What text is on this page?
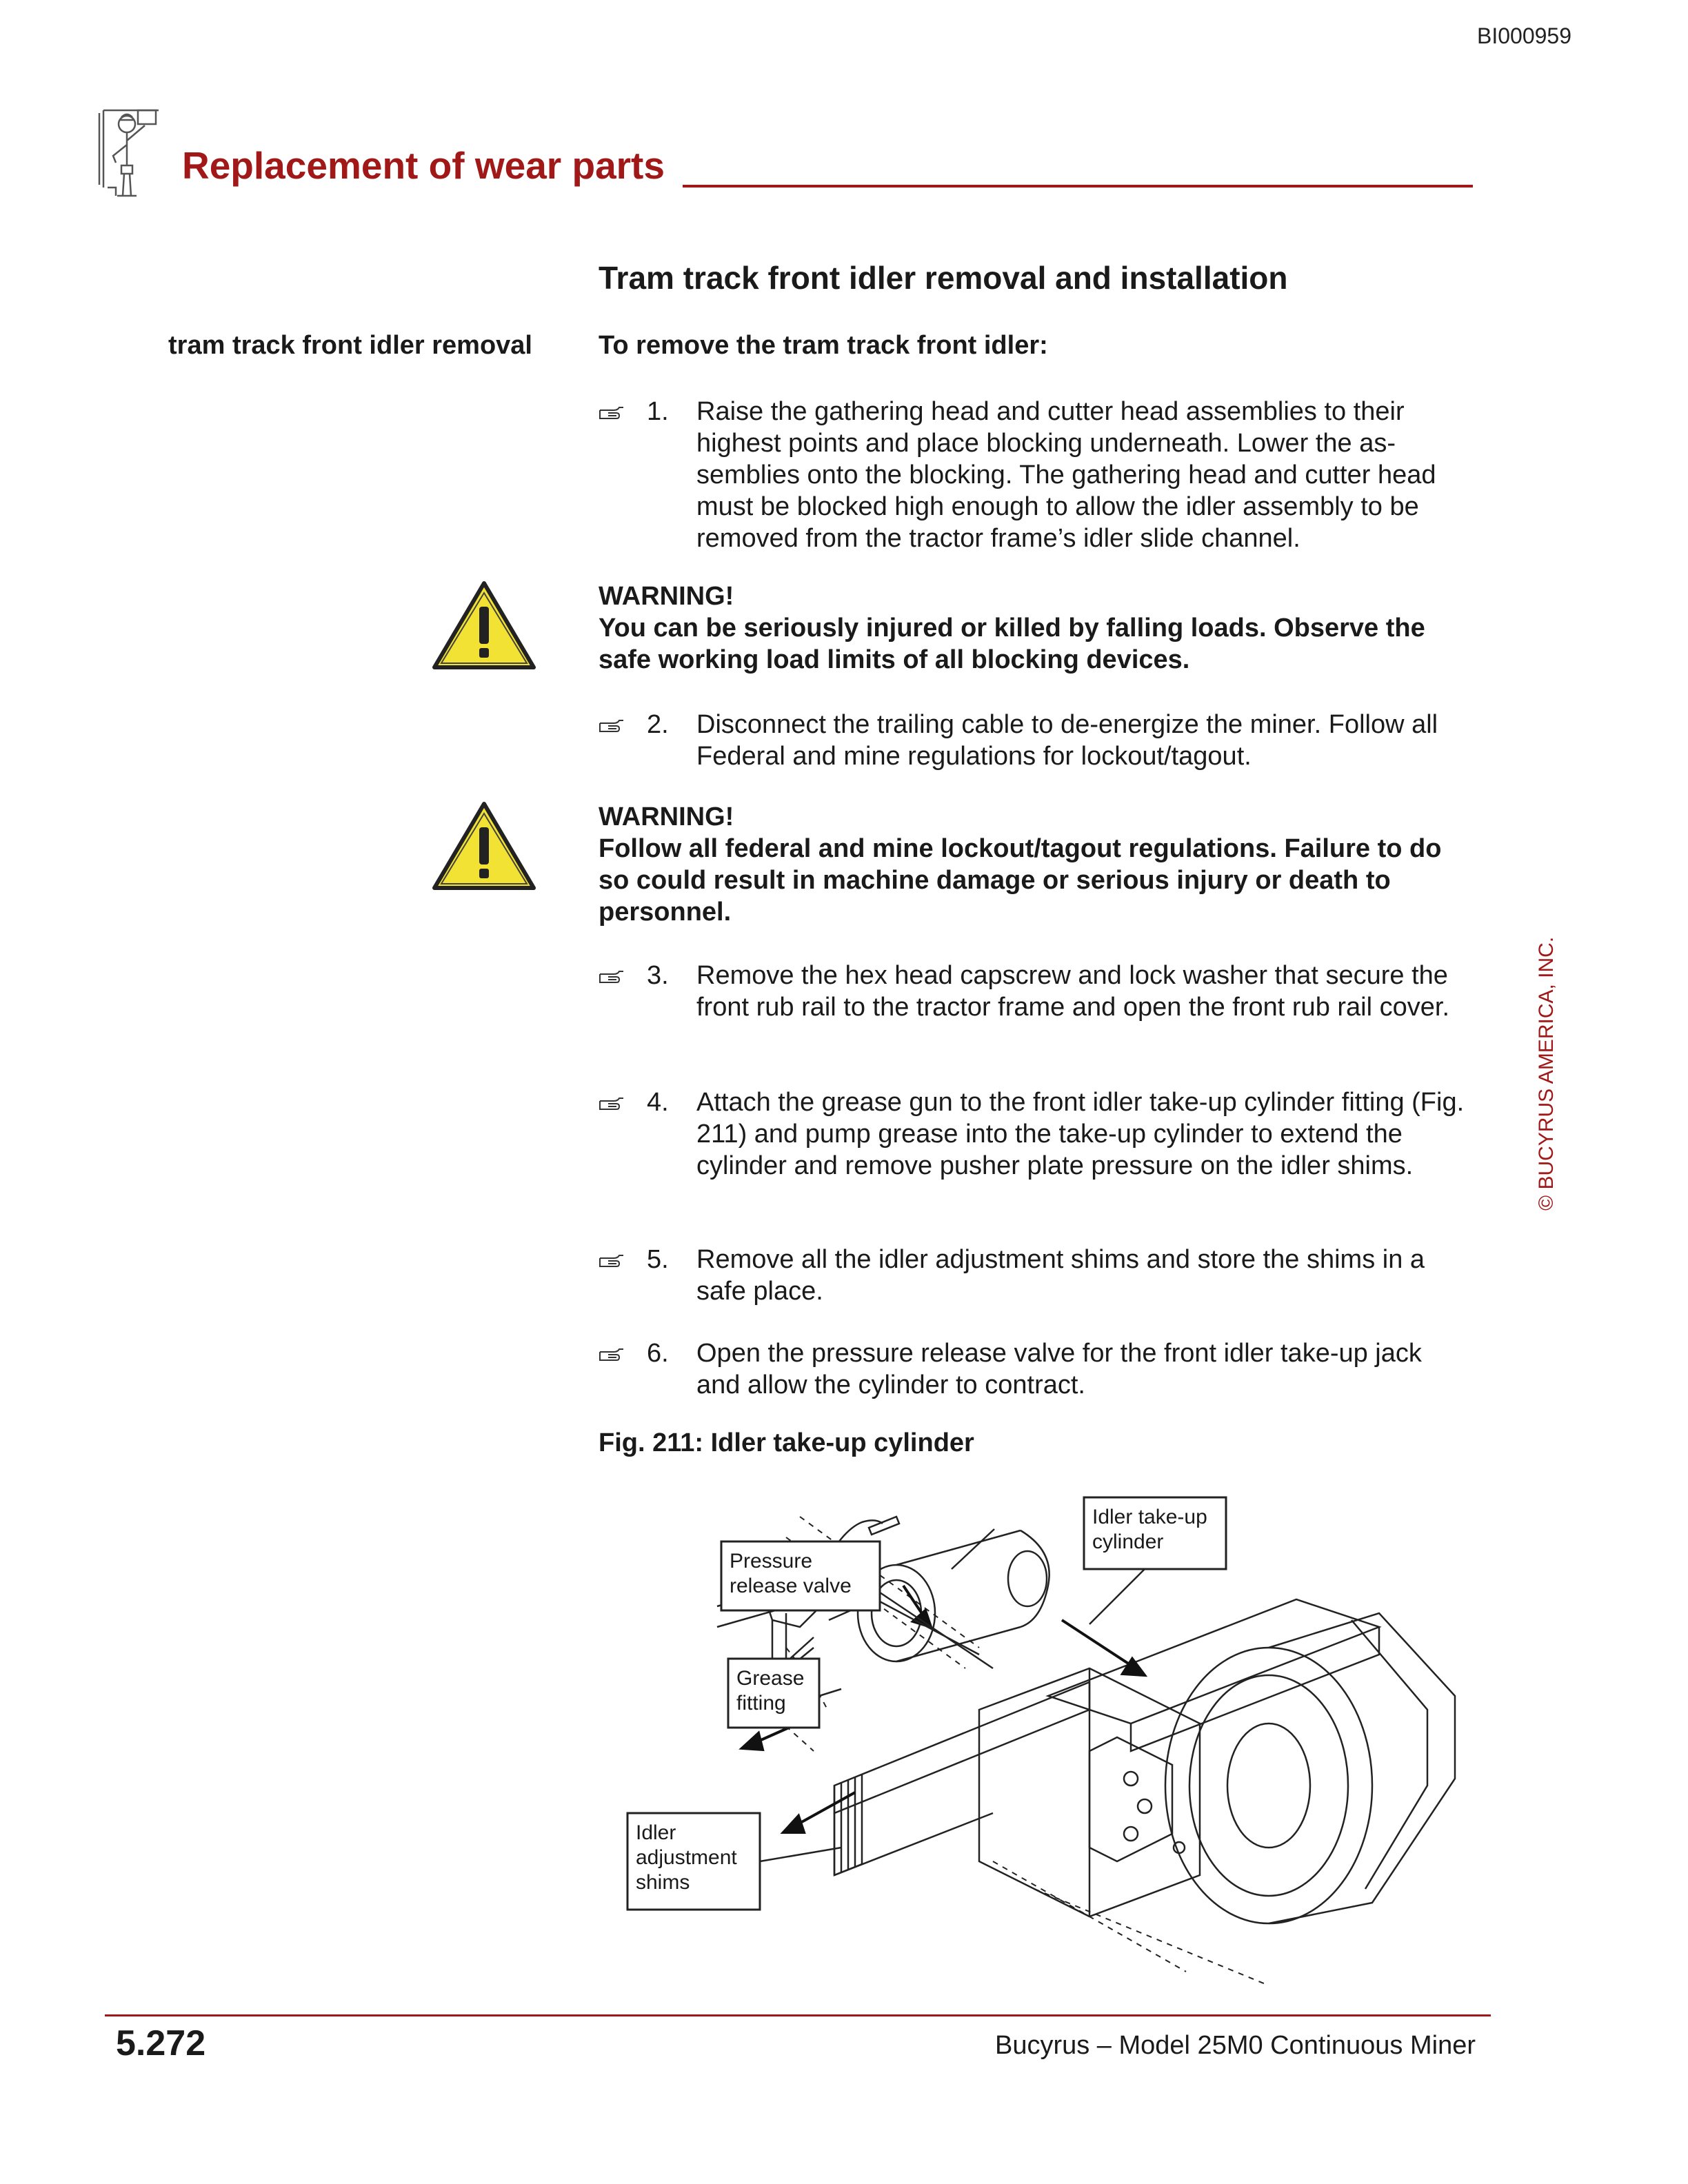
BI000959
Replacement of wear parts
Tram track front idler removal and installation
tram track front idler removal	To remove the tram track front idler:
1. Raise the gathering head and cutter head assemblies to their highest points and place blocking underneath. Lower the as- semblies onto the blocking. The gathering head and cutter head must be blocked high enough to allow the idler assembly to be removed from the tractor frame’s idler slide channel.
WARNING!
You can be seriously injured or killed by falling loads. Observe the safe working load limits of all blocking devices.
2. Disconnect the trailing cable to de-energize the miner. Follow all Federal and mine regulations for lockout/tagout.
WARNING!
Follow all federal and mine lockout/tagout regulations. Failure to do so could result in machine damage or serious injury or death to personnel.
3. Remove the hex head capscrew and lock washer that secure the front rub rail to the tractor frame and open the front rub rail cover.
4. Attach the grease gun to the front idler take-up cylinder fitting (Fig. 211) and pump grease into the take-up cylinder to extend the cylinder and remove pusher plate pressure on the idler shims.
5. Remove all the idler adjustment shims and store the shims in a safe place.
6. Open the pressure release valve for the front idler take-up jack and allow the cylinder to contract.
Fig. 211: Idler take-up cylinder
Idler take-up
cylinder
Pressure
release valve
Grease
fitting
Idler
adjustment
shims
5.272	Bucyrus – Model 25M0 Continuous Miner
© BUCYRUS AMERICA, INC.
